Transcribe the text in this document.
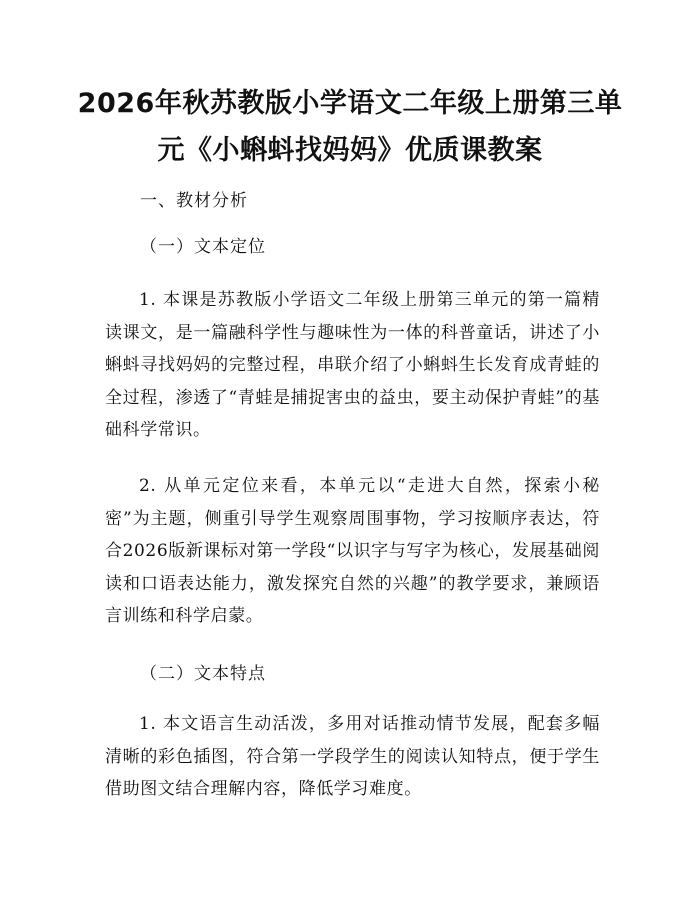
2026年秋苏教版小学语文二年级上册第三单
元《小蝌蚪找妈妈》优质课教案
一、教材分析
（一）文本定位
1. 本课是苏教版小学语文二年级上册第三单元的第一篇精读课文，是一篇融科学性与趣味性为一体的科普童话，讲述了小蝌蚪寻找妈妈的完整过程，串联介绍了小蝌蚪生长发育成青蛙的全过程，渗透了“青蛙是捕捉害虫的益虫，要主动保护青蛙”的基础科学常识。
2. 从单元定位来看，本单元以“走进大自然，探索小秘密”为主题，侧重引导学生观察周围事物，学习按顺序表达，符合2026版新课标对第一学段“以识字与写字为核心，发展基础阅读和口语表达能力，激发探究自然的兴趣”的教学要求，兼顾语言训练和科学启蒙。
（二）文本特点
1. 本文语言生动活泼，多用对话推动情节发展，配套多幅清晰的彩色插图，符合第一学段学生的阅读认知特点，便于学生借助图文结合理解内容，降低学习难度。
